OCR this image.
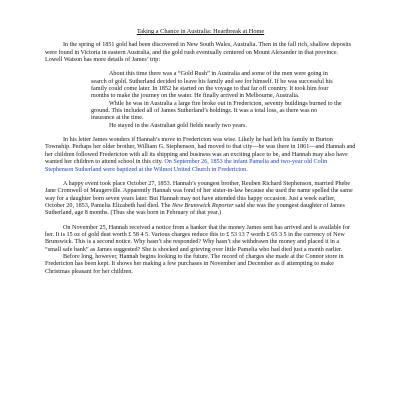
Taking a Chance in Australia: Heartbreak at Home

In the spring of 1851 gold had been discovered in New South Wales, Australia. Then in the fall rich, shallow deposits were found in Victoria in eastern Australia, and the gold rush eventually centered on Mount Alexander in that province. Lowell Watson has more details of James’ trip:

About this time there was a “Gold Rush” in Australia and some of the men were going in search of gold. Sutherland decided to leave his family and see for himself. If he was successful his family could come later. In 1852 he started on the voyage to that far off country. It took him four months to make the journey on the water. He finally arrived in Melbourne, Australia.

While he was in Australia a large fire broke out in Fredericton, seventy buildings burned to the ground. This included all of James Sutherland’s holdings. It was a total loss, as there was no insurance at the time.

He stayed in the Australian gold fields nearly two years.

In his letter James wonders if Hannah’s move to Fredericton was wise. Likely he had left his family in Burton Township. Perhaps her older brother, William G. Stephenson, had moved to that city—he was there in 1861—and Hannah and her children followed Fredericton with all its shipping and business was an exciting place to be, and Hannah may also have wanted her children to attend school in this city. On September 26, 1853 the infant Pamelia and two-year old Colin Stephenson Sutherland were baptized at the Wilmot United Church in Fredericton.

A happy event took place October 27, 1853. Hannah’s youngest brother, Reuben Richard Stephenson, married Phebe Jane Cromwell of Maugerville. Apparently Hannah was fond of her sister-in-law because she used the name spelled the same way for a daughter born seven years later. But Hannah may not have attended this happy occasion. Just a week earlier, October 20, 1853, Pamelia Elizabeth had died. The New Brunswick Reporter said she was the youngest daughter of James Sutherland, age 8 months. (Thus she was born in February of that year.)

On November 25, Hannah received a notice from a banker that the money James sent has arrived and is available for her. It is 15 oz of gold dust worth £ 58 4 5. Various charges reduce this to £ 53 13 7 worth £ 65 3 5 in the currency of New Brunswick. This is a second notice. Why hasn’t she responded? Why hasn’t she withdrawn the money and placed it in a “small safe bank” as James suggested? She is shocked and grieving over little Pamelia who had died just a month earlier.

Before long, however, Hannah begins looking to the future. The record of charges she made at the Connor store in Fredericton has been kept. It shows her making a few purchases in November and December as if attempting to make Christmas pleasant for her children.
